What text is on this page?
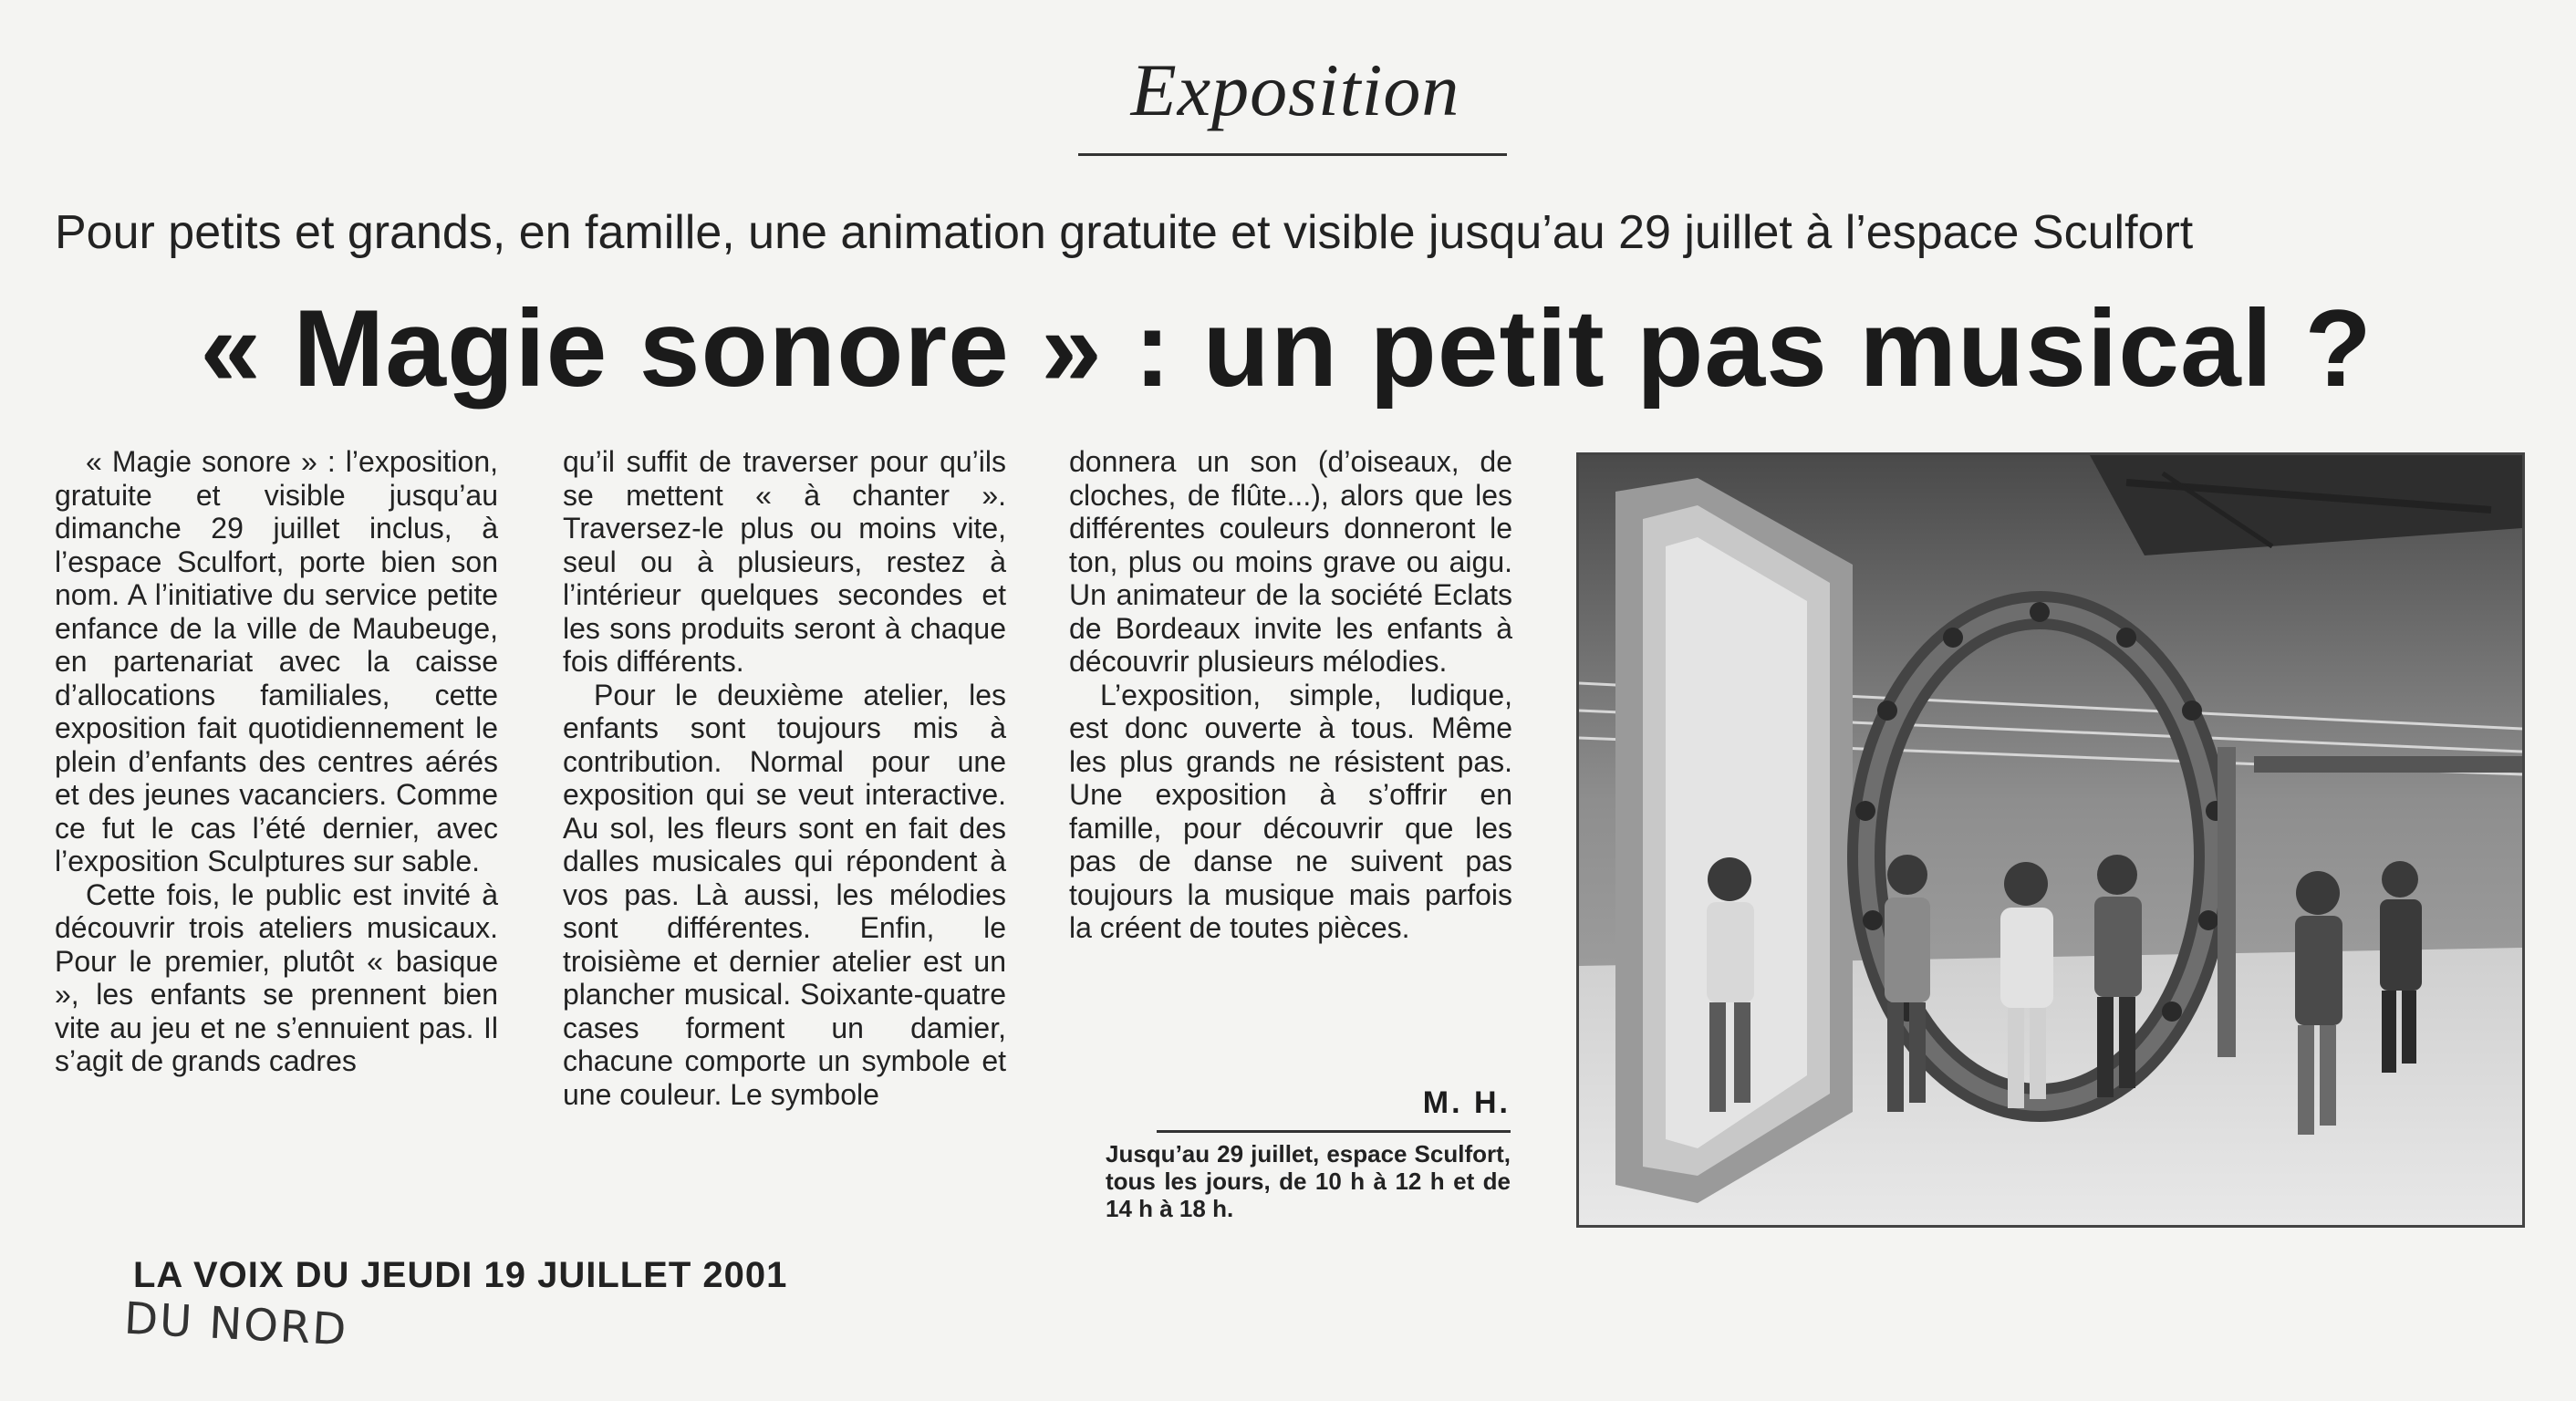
Exposition
Pour petits et grands, en famille, une animation gratuite et visible jusqu’au 29 juillet à l’espace Sculfort
« Magie sonore » : un petit pas musical ?

« Magie sonore » : l’exposition, gratuite et visible jusqu’au dimanche 29 juillet inclus, à l’espace Sculfort, porte bien son nom. A l’initiative du service petite enfance de la ville de Maubeuge, en partenariat avec la caisse d’allocations familiales, cette exposition fait quotidiennement le plein d’enfants des centres aérés et des jeunes vacanciers. Comme ce fut le cas l’été dernier, avec l’exposition Sculptures sur sable.

Cette fois, le public est invité à découvrir trois ateliers musicaux. Pour le premier, plutôt « basique », les enfants se prennent bien vite au jeu et ne s’ennuient pas. Il s’agit de grands cadres

qu’il suffit de traverser pour qu’ils se mettent « à chanter ». Traversez-le plus ou moins vite, seul ou à plusieurs, restez à l’intérieur quelques secondes et les sons produits seront à chaque fois différents.

Pour le deuxième atelier, les enfants sont toujours mis à contribution. Normal pour une exposition qui se veut interactive. Au sol, les fleurs sont en fait des dalles musicales qui répondent à vos pas. Là aussi, les mélodies sont différentes. Enfin, le troisième et dernier atelier est un plancher musical. Soixante-quatre cases forment un damier, chacune comporte un symbole et une couleur. Le symbole

donnera un son (d’oiseaux, de cloches, de flûte...), alors que les différentes couleurs donneront le ton, plus ou moins grave ou aigu. Un animateur de la société Eclats de Bordeaux invite les enfants à découvrir plusieurs mélodies.

L’exposition, simple, ludique, est donc ouverte à tous. Même les plus grands ne résistent pas. Une exposition à s’offrir en famille, pour découvrir que les pas de danse ne suivent pas toujours la musique mais parfois la créent de toutes pièces.

M. H.
Jusqu’au 29 juillet, espace Sculfort, tous les jours, de 10 h à 12 h et de 14 h à 18 h.
LA VOIX DU JEUDI 19 JUILLET 2001
DU NORD
